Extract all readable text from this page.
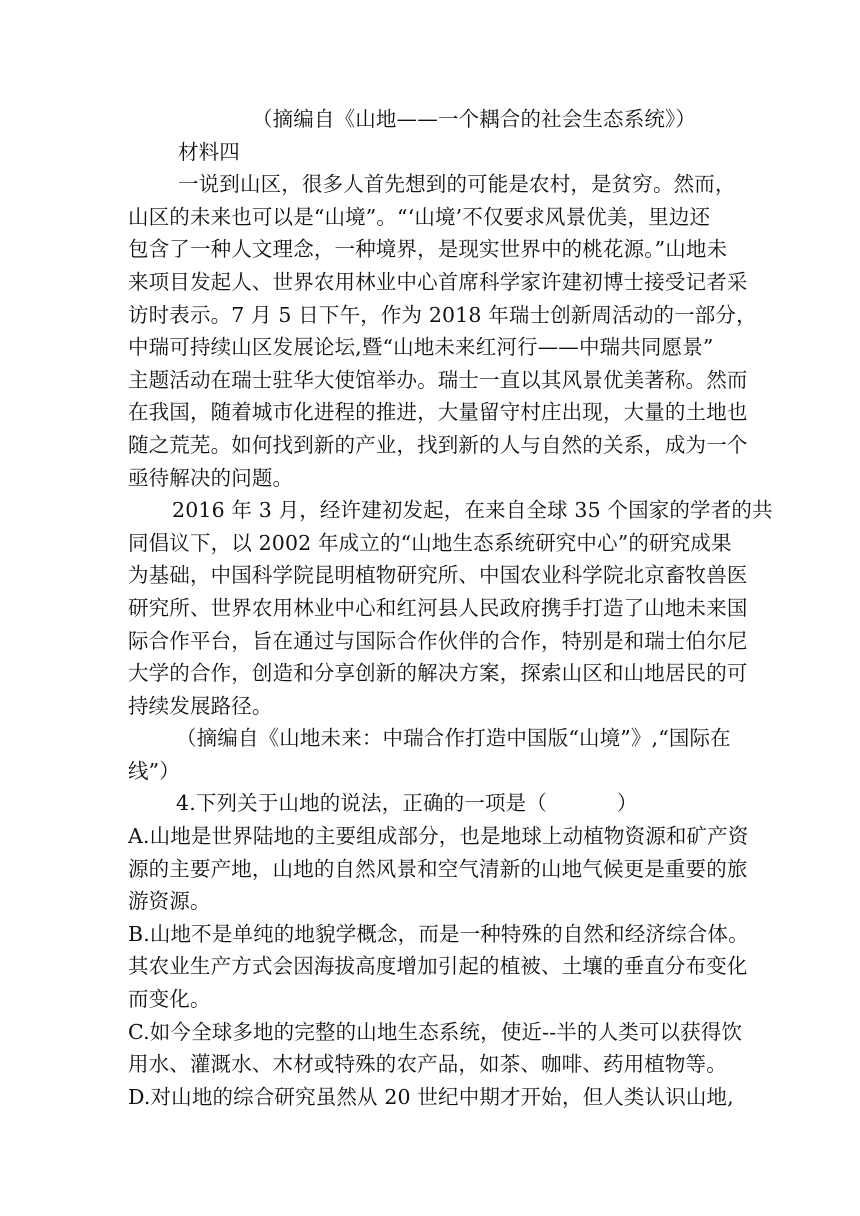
（摘编自《山地——一个耦合的社会生态系统》）
材料四
一说到山区，很多人首先想到的可能是农村，是贫穷。然而，
山区的未来也可以是“山境”。“‘山境’不仅要求风景优美，里边还
包含了一种人文理念，一种境界，是现实世界中的桃花源。”山地未
来项目发起人、世界农用林业中心首席科学家许建初博士接受记者采
访时表示。7 月 5 日下午，作为 2018 年瑞士创新周活动的一部分，
中瑞可持续山区发展论坛,暨“山地未来红河行——中瑞共同愿景”
主题活动在瑞士驻华大使馆举办。瑞士一直以其风景优美著称。然而
在我国，随着城市化进程的推进，大量留守村庄出现，大量的土地也
随之荒芜。如何找到新的产业，找到新的人与自然的关系，成为一个
亟待解决的问题。
2016 年 3 月，经许建初发起，在来自全球 35 个国家的学者的共
同倡议下，以 2002 年成立的“山地生态系统研究中心”的研究成果
为基础，中国科学院昆明植物研究所、中国农业科学院北京畜牧兽医
研究所、世界农用林业中心和红河县人民政府携手打造了山地未来国
际合作平台，旨在通过与国际合作伙伴的合作，特别是和瑞士伯尔尼
大学的合作，创造和分享创新的解决方案，探索山区和山地居民的可
持续发展路径。
（摘编自《山地未来：中瑞合作打造中国版“山境”》,“国际在
线”）
4.下列关于山地的说法，正确的一项是（	）
A.山地是世界陆地的主要组成部分，也是地球上动植物资源和矿产资
源的主要产地，山地的自然风景和空气清新的山地气候更是重要的旅
游资源。
B.山地不是单纯的地貌学概念，而是一种特殊的自然和经济综合体。
其农业生产方式会因海拔高度增加引起的植被、土壤的垂直分布变化
而变化。
C.如今全球多地的完整的山地生态系统，使近--半的人类可以获得饮
用水、灌溉水、木材或特殊的农产品，如茶、咖啡、药用植物等。
D.对山地的综合研究虽然从 20 世纪中期才开始，但人类认识山地,
